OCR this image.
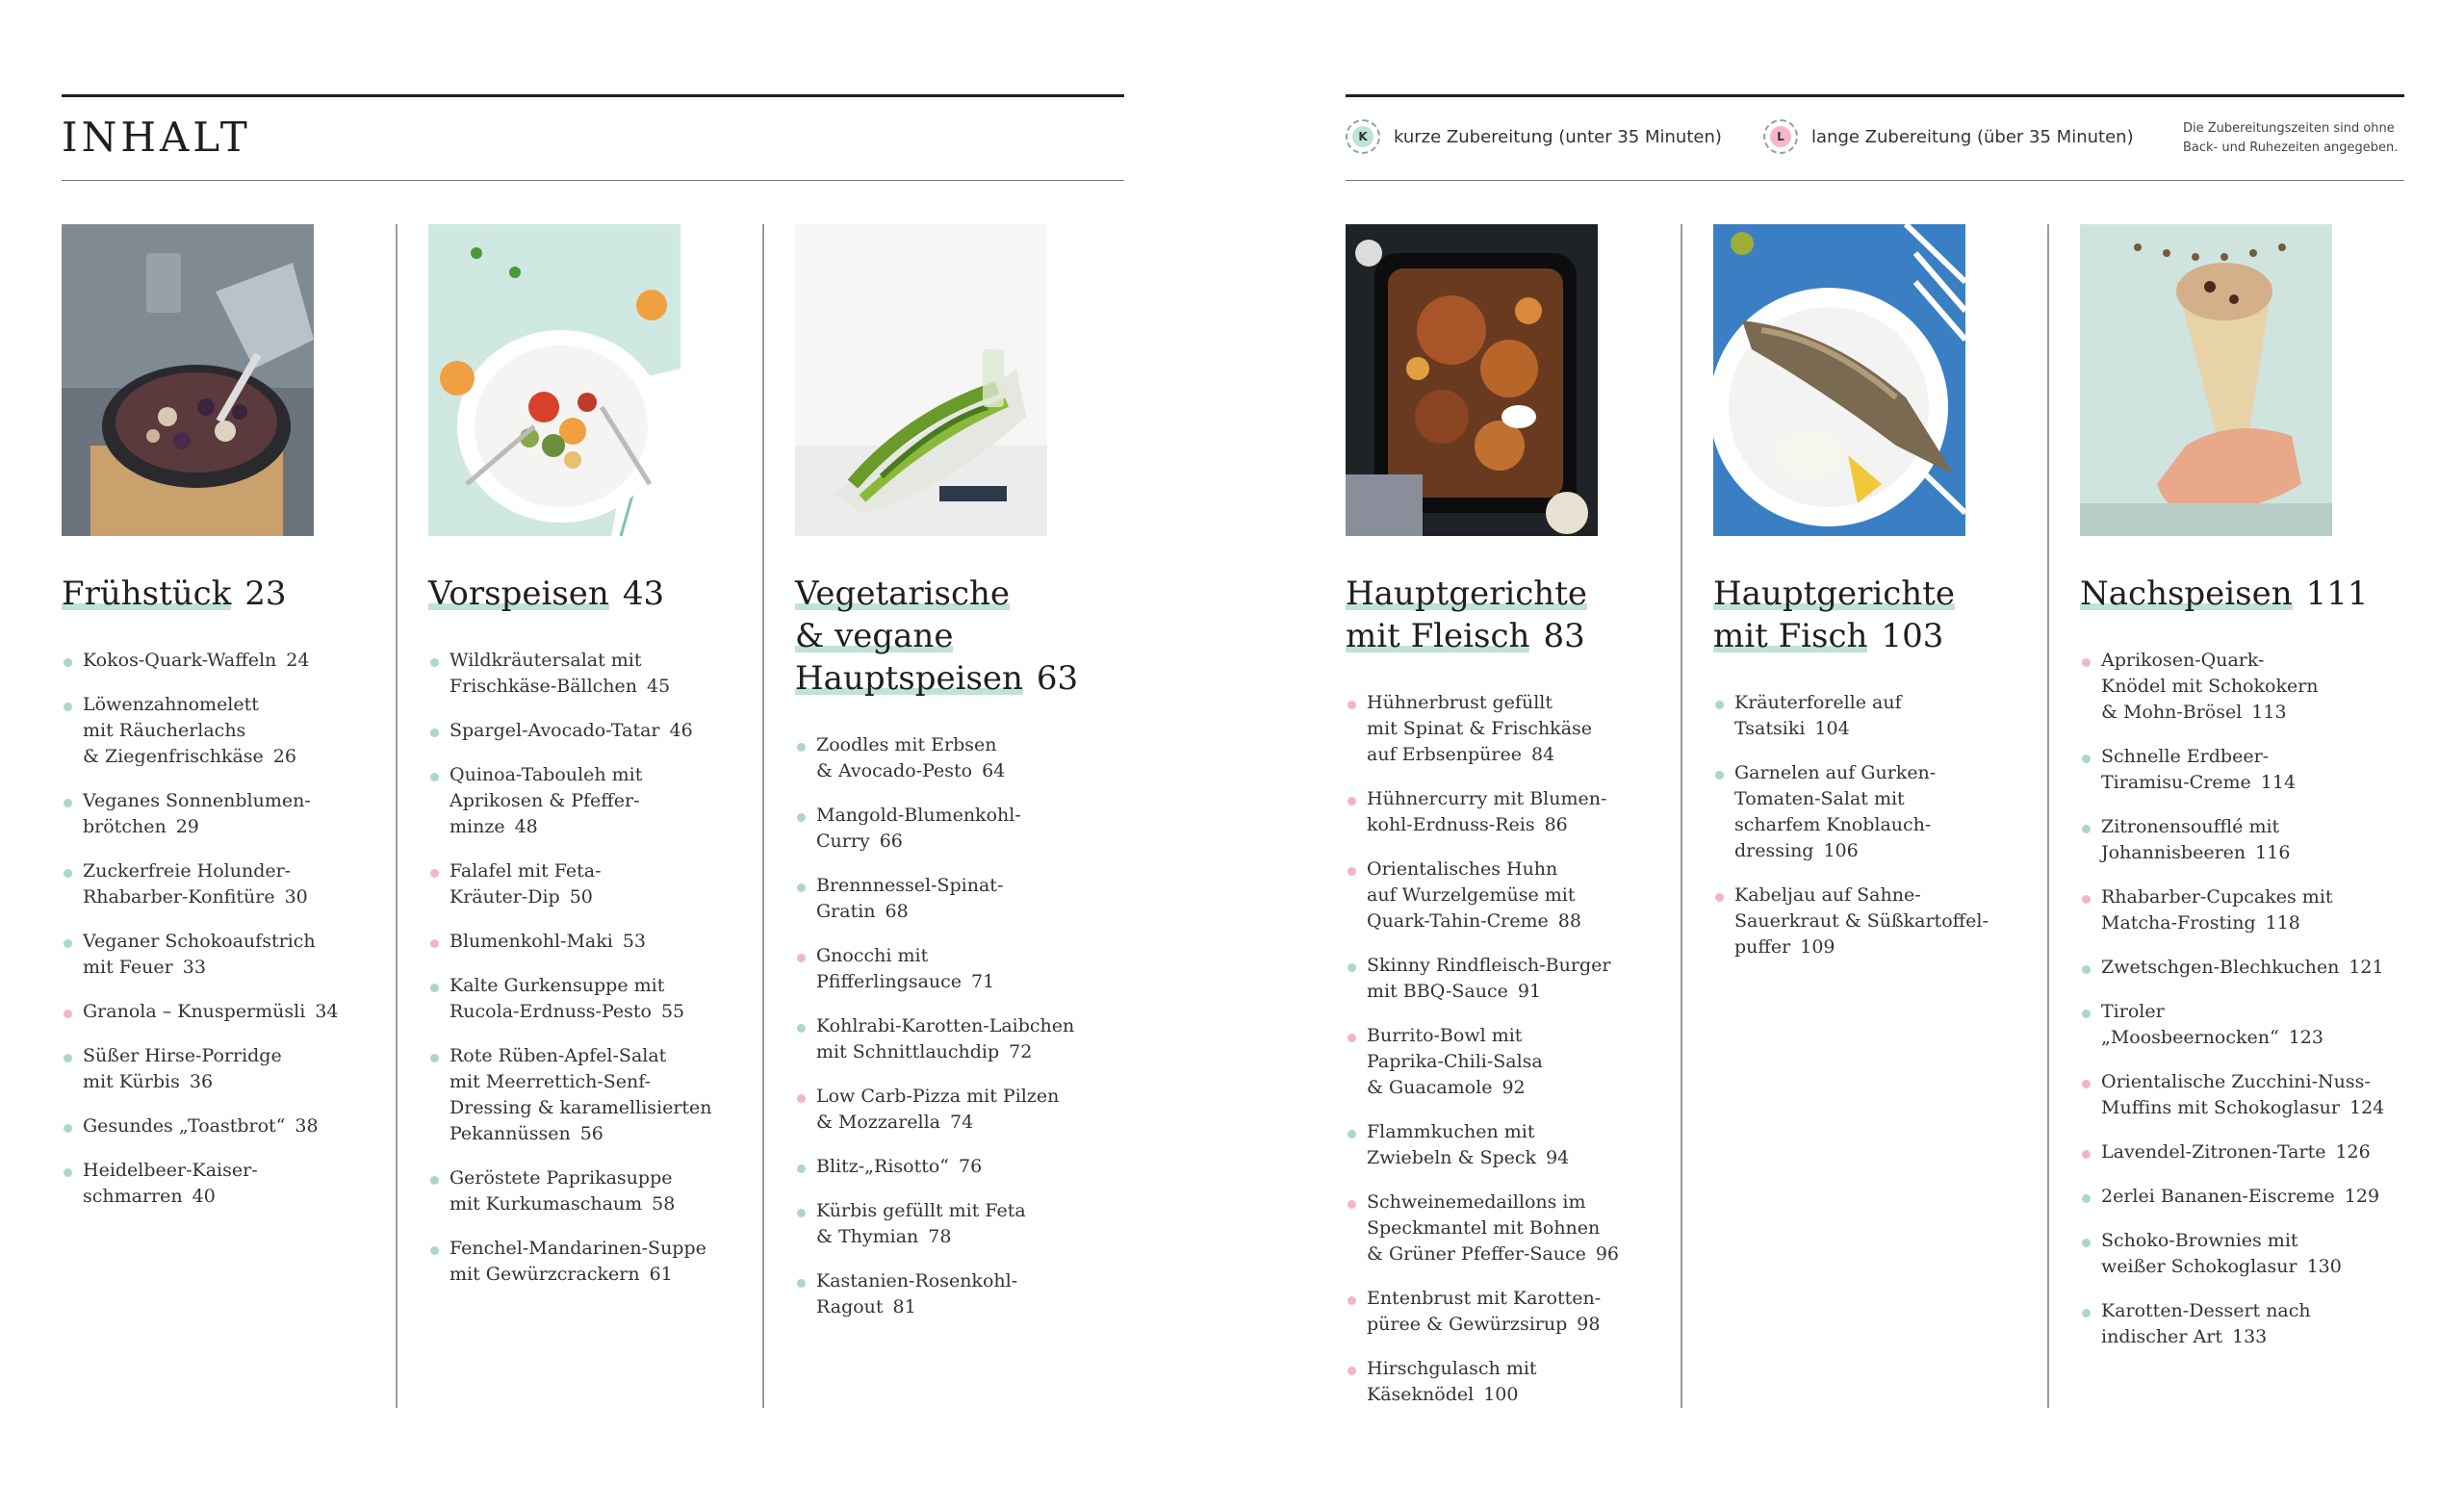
INHALT	K	kurze Zubereitung (unter 35 Minuten)	L	lange Zubereitung (über 35 Minuten)	Die Zubereitungszeiten sind ohne Back- und Ruhezeiten angegeben.
Frühstück 23
Kokos-Quark-Waffeln 24
Löwenzahnomelett
mit Räucherlachs
& Ziegenfrischkäse 26
Veganes Sonnenblumen-
brötchen 29
Zuckerfreie Holunder-
Rhabarber-Konfitüre 30
Veganer Schokoaufstrich
mit Feuer 33
Granola – Knuspermüsli 34
Süßer Hirse-Porridge
mit Kürbis 36
Gesundes „Toastbrot“ 38
Heidelbeer-Kaiser-
schmarren 40
Vorspeisen 43
Wildkräutersalat mit
Frischkäse-Bällchen 45
Spargel-Avocado-Tatar 46
Quinoa-Tabouleh mit
Aprikosen & Pfeffer-
minze 48
Falafel mit Feta-
Kräuter-Dip 50
Blumenkohl-Maki 53
Kalte Gurkensuppe mit
Rucola-Erdnuss-Pesto 55
Rote Rüben-Apfel-Salat
mit Meerrettich-Senf-
Dressing & karamellisierten
Pekannüssen 56
Geröstete Paprikasuppe
mit Kurkumaschaum 58
Fenchel-Mandarinen-Suppe
mit Gewürzcrackern 61
Vegetarische
& vegane
Hauptspeisen 63
Zoodles mit Erbsen
& Avocado-Pesto 64
Mangold-Blumenkohl-
Curry 66
Brennnessel-Spinat-
Gratin 68
Gnocchi mit
Pfifferlingsauce 71
Kohlrabi-Karotten-Laibchen
mit Schnittlauchdip 72
Low Carb-Pizza mit Pilzen
& Mozzarella 74
Blitz-„Risotto“ 76
Kürbis gefüllt mit Feta
& Thymian 78
Kastanien-Rosenkohl-
Ragout 81
Hauptgerichte
mit Fleisch 83
Hühnerbrust gefüllt
mit Spinat & Frischkäse
auf Erbsenpüree 84
Hühnercurry mit Blumen-
kohl-Erdnuss-Reis 86
Orientalisches Huhn
auf Wurzelgemüse mit
Quark-Tahin-Creme 88
Skinny Rindfleisch-Burger
mit BBQ-Sauce 91
Burrito-Bowl mit
Paprika-Chili-Salsa
& Guacamole 92
Flammkuchen mit
Zwiebeln & Speck 94
Schweinemedaillons im
Speckmantel mit Bohnen
& Grüner Pfeffer-Sauce 96
Entenbrust mit Karotten-
püree & Gewürzsirup 98
Hirschgulasch mit
Käseknödel 100
Hauptgerichte
mit Fisch 103
Kräuterforelle auf
Tsatsiki 104
Garnelen auf Gurken-
Tomaten-Salat mit
scharfem Knoblauch-
dressing 106
Kabeljau auf Sahne-
Sauerkraut & Süßkartoffel-
puffer 109
Nachspeisen 111
Aprikosen-Quark-
Knödel mit Schokokern
& Mohn-Brösel 113
Schnelle Erdbeer-
Tiramisu-Creme 114
Zitronensoufflé mit
Johannisbeeren 116
Rhabarber-Cupcakes mit
Matcha-Frosting 118
Zwetschgen-Blechkuchen 121
Tiroler „Moosbeernocken“ 123
Orientalische Zucchini-Nuss-
Muffins mit Schokoglasur 124
Lavendel-Zitronen-Tarte 126
2erlei Bananen-Eiscreme 129
Schoko-Brownies mit
weißer Schokoglasur 130
Karotten-Dessert nach
indischer Art 133
